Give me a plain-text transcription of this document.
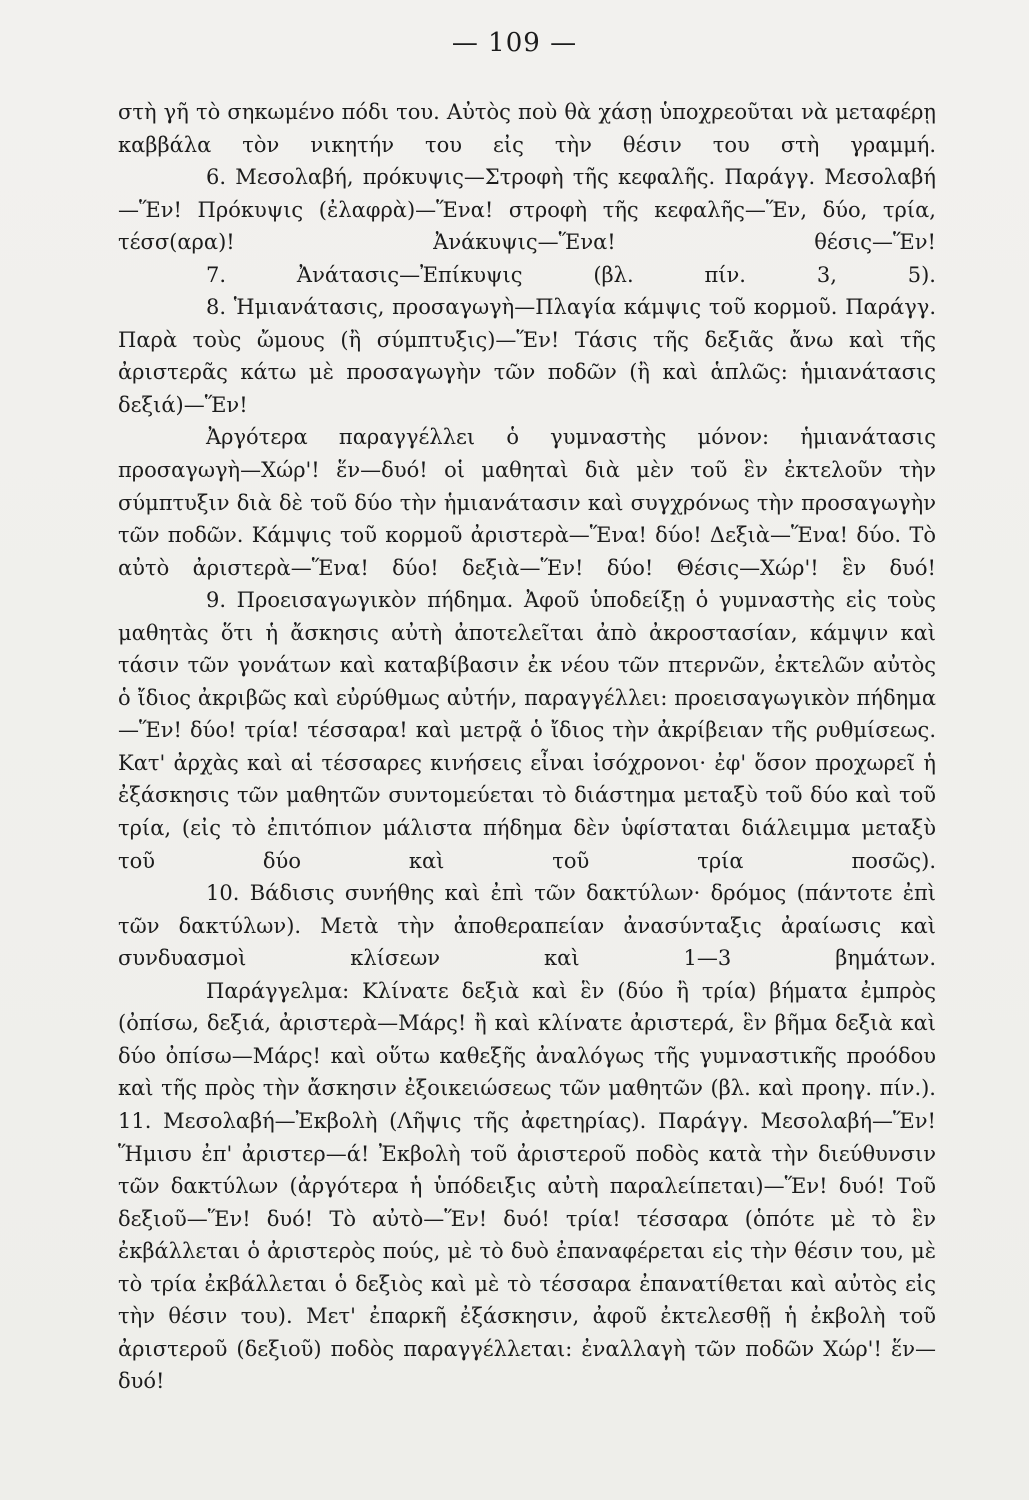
— 109 —

στὴ γῆ τὸ σηκωμένο πόδι του. Αὐτὸς ποὺ θὰ χάσῃ ὑποχρεοῦται νὰ μεταφέρῃ καββάλα τὸν νικητήν του εἰς τὴν θέσιν του στὴ γραμμή.

6. Μεσολαβή, πρόκυψις—Στροφὴ τῆς κεφαλῆς. Παράγγ. Μεσολαβή—Ἕν! Πρόκυψις (ἐλαφρὰ)—Ἕνα! στροφὴ τῆς κεφαλῆς—Ἕν, δύο, τρία, τέσσ(αρα)! Ἀνάκυψις—Ἕνα! θέσις—Ἕν!

7. Ἀνάτασις—Ἐπίκυψις (βλ. πίν. 3, 5).

8. Ἡμιανάτασις, προσαγωγὴ—Πλαγία κάμψις τοῦ κορμοῦ. Παράγγ. Παρὰ τοὺς ὤμους (ἢ σύμπτυξις)—Ἕν! Τάσις τῆς δεξιᾶς ἄνω καὶ τῆς ἀριστερᾶς κάτω μὲ προσαγωγὴν τῶν ποδῶν (ἢ καὶ ἁπλῶς: ἡμιανάτασις δεξιά)—Ἕν!

Ἀργότερα παραγγέλλει ὁ γυμναστὴς μόνον: ἡμιανάτασις προσαγωγὴ—Χώρ'! ἕν—δυό! οἱ μαθηταὶ διὰ μὲν τοῦ ἓν ἐκτελοῦν τὴν σύμπτυξιν διὰ δὲ τοῦ δύο τὴν ἡμιανάτασιν καὶ συγχρόνως τὴν προσαγωγὴν τῶν ποδῶν. Κάμψις τοῦ κορμοῦ ἀριστερὰ—Ἕνα! δύο! Δεξιὰ—Ἕνα! δύο. Τὸ αὐτὸ ἀριστερὰ—Ἕνα! δύο! δεξιὰ—Ἕν! δύο! Θέσις—Χώρ'! ἓν δυό!

9. Προεισαγωγικὸν πήδημα. Ἀφοῦ ὑποδείξῃ ὁ γυμναστὴς εἰς τοὺς μαθητὰς ὅτι ἡ ἄσκησις αὐτὴ ἀποτελεῖται ἀπὸ ἀκροστασίαν, κάμψιν καὶ τάσιν τῶν γονάτων καὶ καταβίβασιν ἐκ νέου τῶν πτερνῶν, ἐκτελῶν αὐτὸς ὁ ἴδιος ἀκριβῶς καὶ εὐρύθμως αὐτήν, παραγγέλλει: προεισαγωγικὸν πήδημα—Ἕν! δύο! τρία! τέσσαρα! καὶ μετρᾷ ὁ ἴδιος τὴν ἀκρίβειαν τῆς ρυθμίσεως. Κατ' ἀρχὰς καὶ αἱ τέσσαρες κινήσεις εἶναι ἰσόχρονοι· ἐφ' ὅσον προχωρεῖ ἡ ἐξάσκησις τῶν μαθητῶν συντομεύεται τὸ διάστημα μεταξὺ τοῦ δύο καὶ τοῦ τρία, (εἰς τὸ ἐπιτόπιον μάλιστα πήδημα δὲν ὑφίσταται διάλειμμα μεταξὺ τοῦ δύο καὶ τοῦ τρία ποσῶς).

10. Βάδισις συνήθης καὶ ἐπὶ τῶν δακτύλων· δρόμος (πάντοτε ἐπὶ τῶν δακτύλων). Μετὰ τὴν ἀποθεραπείαν ἀνασύνταξις ἀραίωσις καὶ συνδυασμοὶ κλίσεων καὶ 1—3 βημάτων.

Παράγγελμα: Κλίνατε δεξιὰ καὶ ἓν (δύο ἢ τρία) βήματα ἐμπρὸς (ὀπίσω, δεξιά, ἀριστερὰ—Μάρς! ἢ καὶ κλίνατε ἀριστερά, ἓν βῆμα δεξιὰ καὶ δύο ὀπίσω—Μάρς! καὶ οὕτω καθεξῆς ἀναλόγως τῆς γυμναστικῆς προόδου καὶ τῆς πρὸς τὴν ἄσκησιν ἐξοικειώσεως τῶν μαθητῶν (βλ. καὶ προηγ. πίν.).

11. Μεσολαβή—Ἐκβολὴ (Λῆψις τῆς ἀφετηρίας). Παράγγ. Μεσολαβή—Ἕν! Ἥμισυ ἐπ' ἀριστερ—ά! Ἐκβολὴ τοῦ ἀριστεροῦ ποδὸς κατὰ τὴν διεύθυνσιν τῶν δακτύλων (ἀργότερα ἡ ὑπόδειξις αὐτὴ παραλείπεται)—Ἕν! δυό! Τοῦ δεξιοῦ—Ἕν! δυό! Τὸ αὐτὸ—Ἕν! δυό! τρία! τέσσαρα (ὁπότε μὲ τὸ ἓν ἐκβάλλεται ὁ ἀριστερὸς πούς, μὲ τὸ δυὸ ἐπαναφέρεται εἰς τὴν θέσιν του, μὲ τὸ τρία ἐκβάλλεται ὁ δεξιὸς καὶ μὲ τὸ τέσσαρα ἐπανατίθεται καὶ αὐτὸς εἰς τὴν θέσιν του). Μετ' ἐπαρκῆ ἐξάσκησιν, ἀφοῦ ἐκτελεσθῇ ἡ ἐκβολὴ τοῦ ἀριστεροῦ (δεξιοῦ) ποδὸς παραγγέλλεται: ἐναλλαγὴ τῶν ποδῶν Χώρ'! ἕν—δυό!
